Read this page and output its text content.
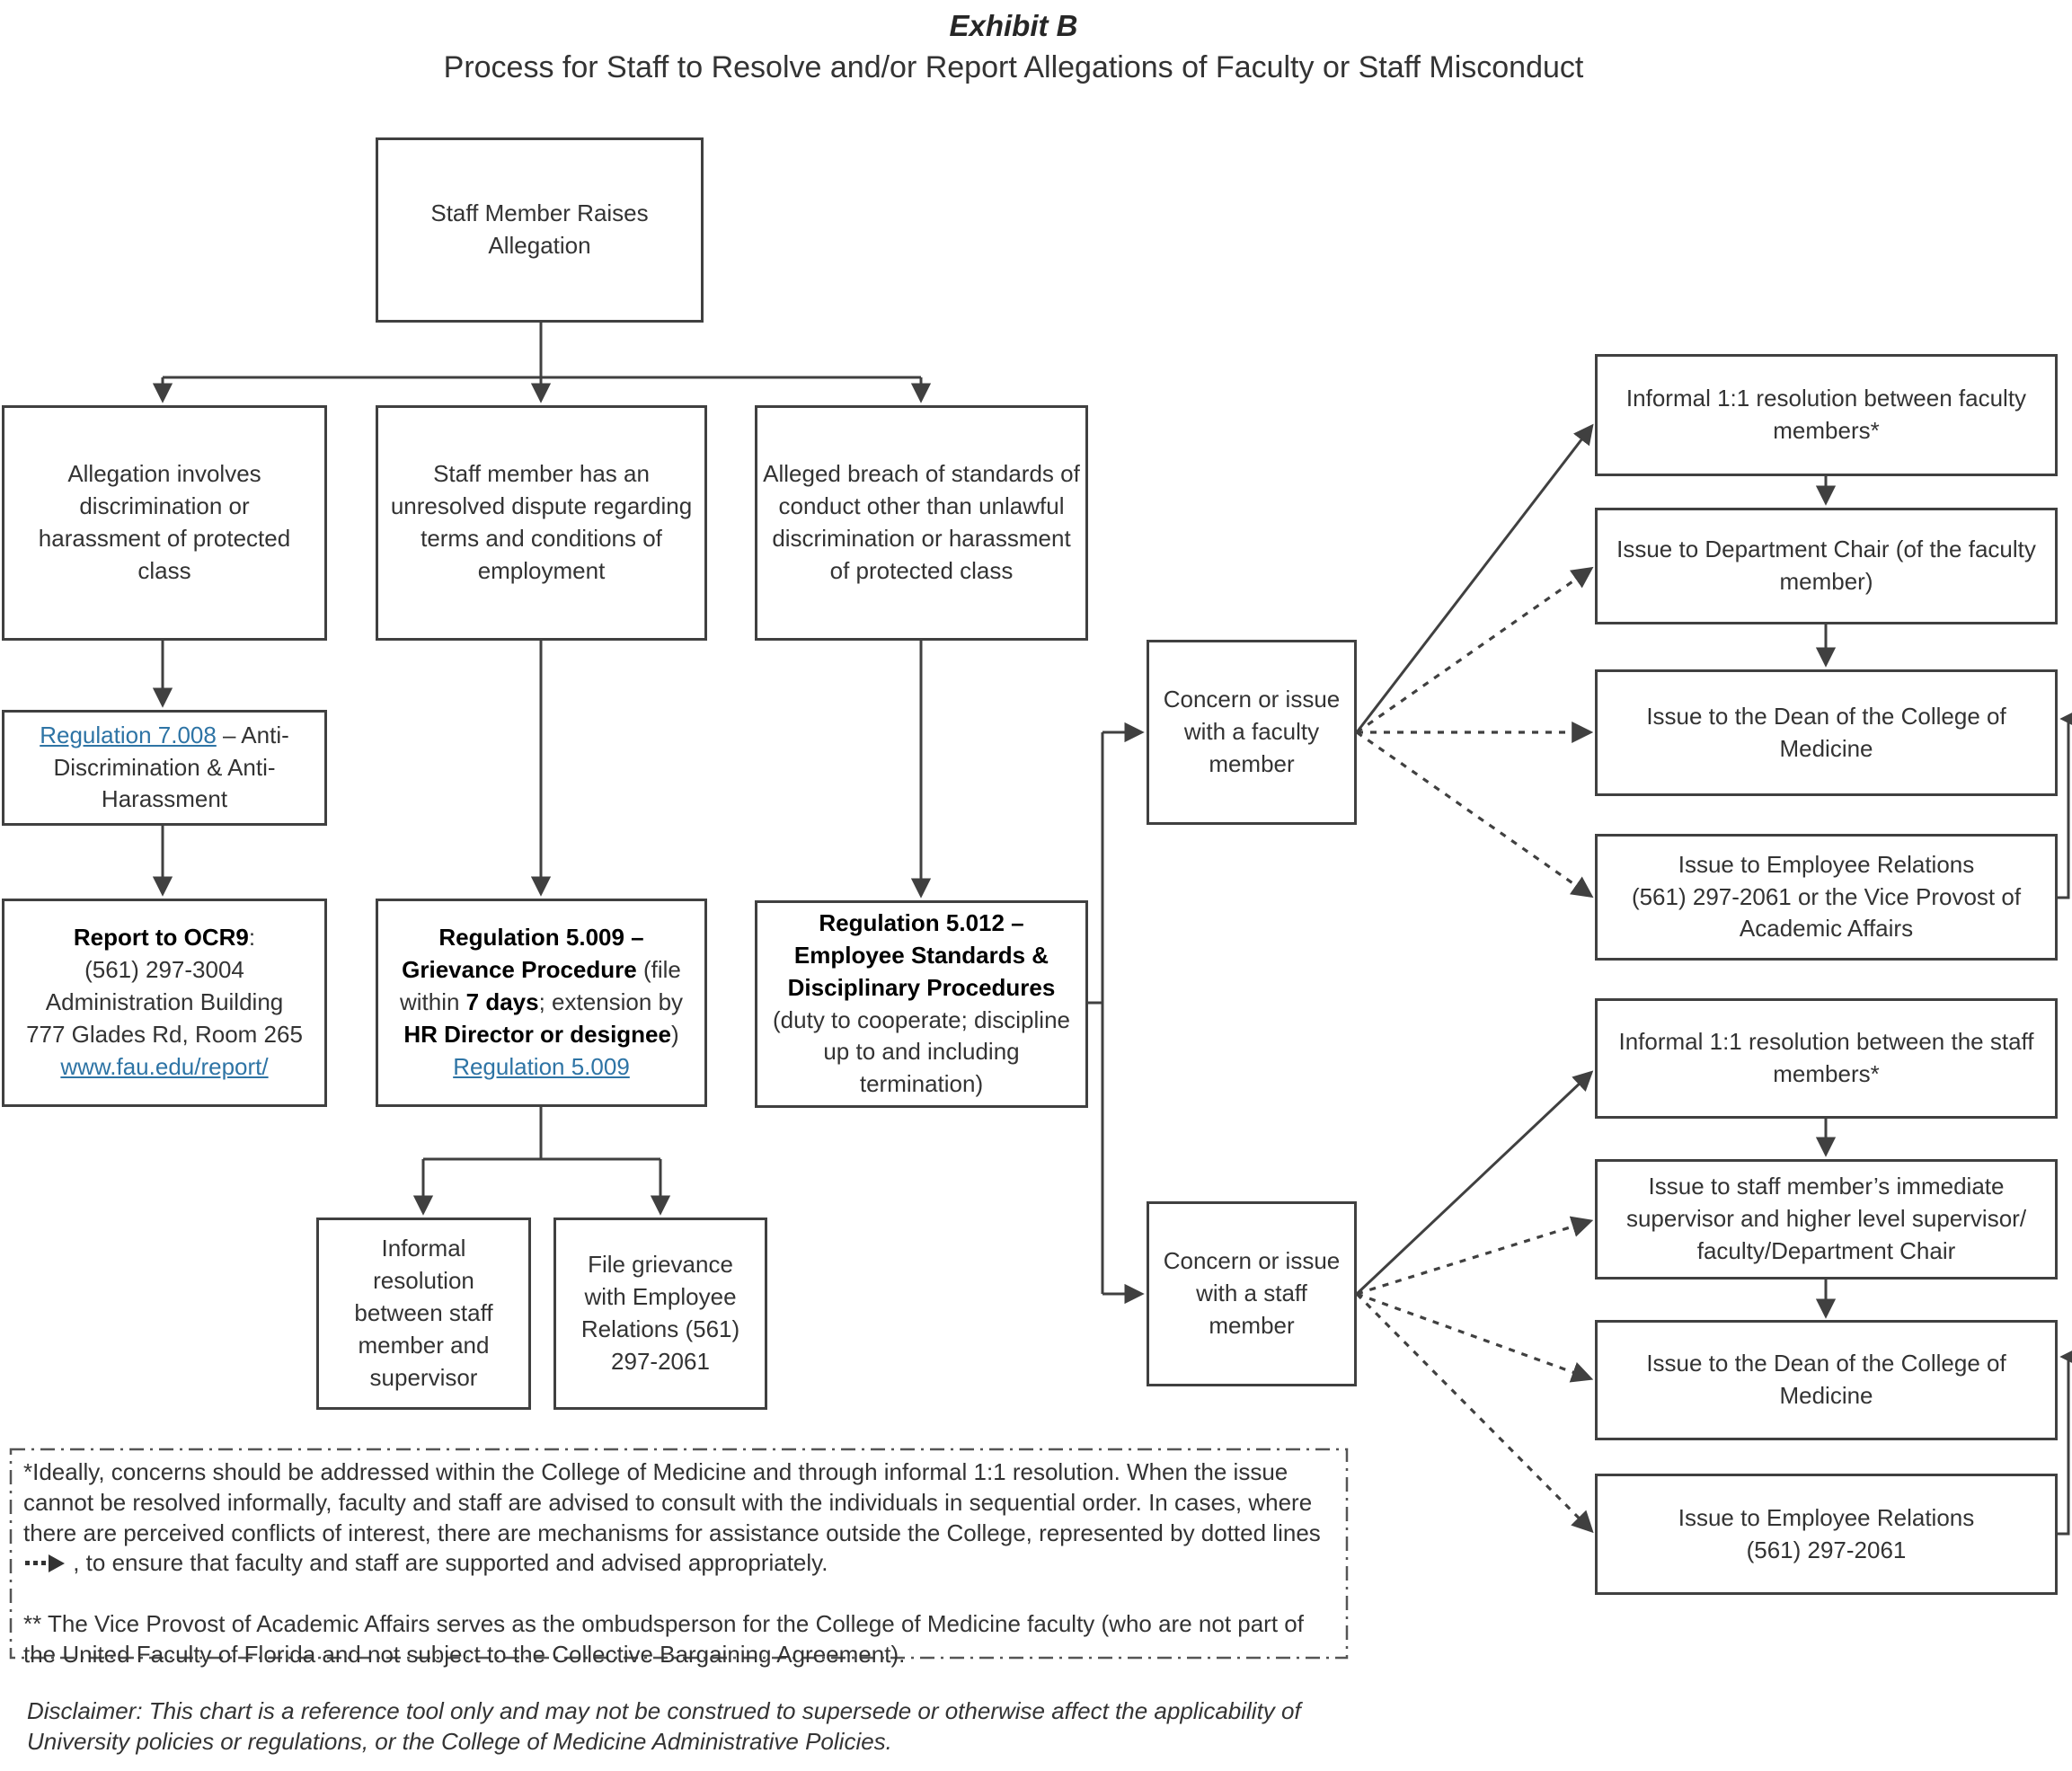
Exhibit B
Process for Staff to Resolve and/or Report Allegations of Faculty or Staff Misconduct
Staff Member Raises Allegation
Allegation involves discrimination or harassment of protected class
Staff member has an unresolved dispute regarding terms and conditions of employment
Alleged breach of standards of conduct other than unlawful discrimination or harassment of protected class
Regulation 7.008 – Anti-Discrimination & Anti-Harassment
Report to OCR9:
(561) 297-3004
Administration Building
777 Glades Rd, Room 265
www.fau.edu/report/
Regulation 5.009 – Grievance Procedure (file within 7 days; extension by HR Director or designee)
Regulation 5.009
Regulation 5.012 – Employee Standards & Disciplinary Procedures (duty to cooperate; discipline up to and including termination)
Informal resolution between staff member and supervisor
File grievance with Employee Relations (561) 297-2061
Concern or issue with a faculty member
Concern or issue with a staff member
Informal 1:1 resolution between faculty members*
Issue to Department Chair (of the faculty member)
Issue to the Dean of the College of Medicine
Issue to Employee Relations
(561) 297-2061 or the Vice Provost of Academic Affairs
Informal 1:1 resolution between the staff members*
Issue to staff member’s immediate supervisor and higher level supervisor/ faculty/Department Chair
Issue to the Dean of the College of Medicine
Issue to Employee Relations
(561) 297-2061

*Ideally, concerns should be addressed within the College of Medicine and through informal 1:1 resolution. When the issue cannot be resolved informally, faculty and staff are advised to consult with the individuals in sequential order. In cases, where there are perceived conflicts of interest, there are mechanisms for assistance outside the College, represented by dotted lines , to ensure that faculty and staff are supported and advised appropriately.

** The Vice Provost of Academic Affairs serves as the ombudsperson for the College of Medicine faculty (who are not part of the United Faculty of Florida and not subject to the Collective Bargaining Agreement).

Disclaimer: This chart is a reference tool only and may not be construed to supersede or otherwise affect the applicability of University policies or regulations, or the College of Medicine Administrative Policies.
